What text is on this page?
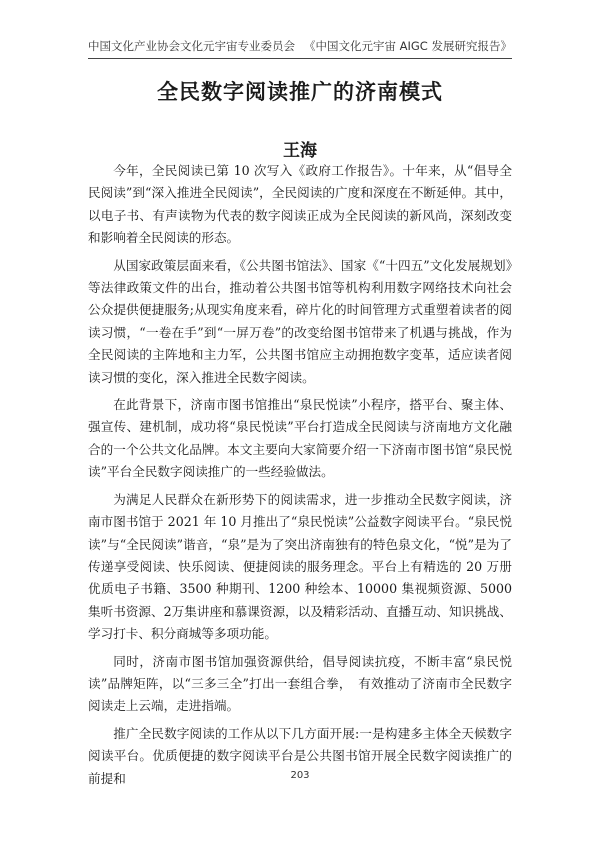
中国文化产业协会文化元宇宙专业委员会 《中国文化元宇宙 AIGC 发展研究报告》
全民数字阅读推广的济南模式
王海

今年，全民阅读已第 10 次写入《政府工作报告》。十年来，从“倡导全民阅读”到“深入推进全民阅读”，全民阅读的广度和深度在不断延伸。其中，以电子书、有声读物为代表的数字阅读正成为全民阅读的新风尚，深刻改变和影响着全民阅读的形态。

从国家政策层面来看，《公共图书馆法》、国家《“十四五”文化发展规划》等法律政策文件的出台，推动着公共图书馆等机构利用数字网络技术向社会公众提供便捷服务;从现实角度来看，碎片化的时间管理方式重塑着读者的阅读习惯，“一卷在手”到“一屏万卷”的改变给图书馆带来了机遇与挑战，作为全民阅读的主阵地和主力军，公共图书馆应主动拥抱数字变革，适应读者阅读习惯的变化，深入推进全民数字阅读。

在此背景下，济南市图书馆推出“泉民悦读”小程序，搭平台、聚主体、强宣传、建机制，成功将“泉民悦读”平台打造成全民阅读与济南地方文化融合的一个公共文化品牌。本文主要向大家简要介绍一下济南市图书馆“泉民悦读”平台全民数字阅读推广的一些经验做法。

为满足人民群众在新形势下的阅读需求，进一步推动全民数字阅读，济南市图书馆于 2021 年 10 月推出了“泉民悦读”公益数字阅读平台。“泉民悦读”与“全民阅读”谐音，“泉”是为了突出济南独有的特色泉文化，“悦”是为了传递享受阅读、快乐阅读、便捷阅读的服务理念。平台上有精选的 20 万册优质电子书籍、3500 种期刊、1200 种绘本、10000 集视频资源、5000 集听书资源、2万集讲座和慕课资源，以及精彩活动、直播互动、知识挑战、学习打卡、积分商城等多项功能。

同时，济南市图书馆加强资源供给，倡导阅读抗疫，不断丰富“泉民悦读”品牌矩阵，以“三多三全”打出一套组合拳，　有效推动了济南市全民数字阅读走上云端，走进指端。

推广全民数字阅读的工作从以下几方面开展:一是构建多主体全天候数字阅读平台。优质便捷的数字阅读平台是公共图书馆开展全民数字阅读推广的前提和	203
